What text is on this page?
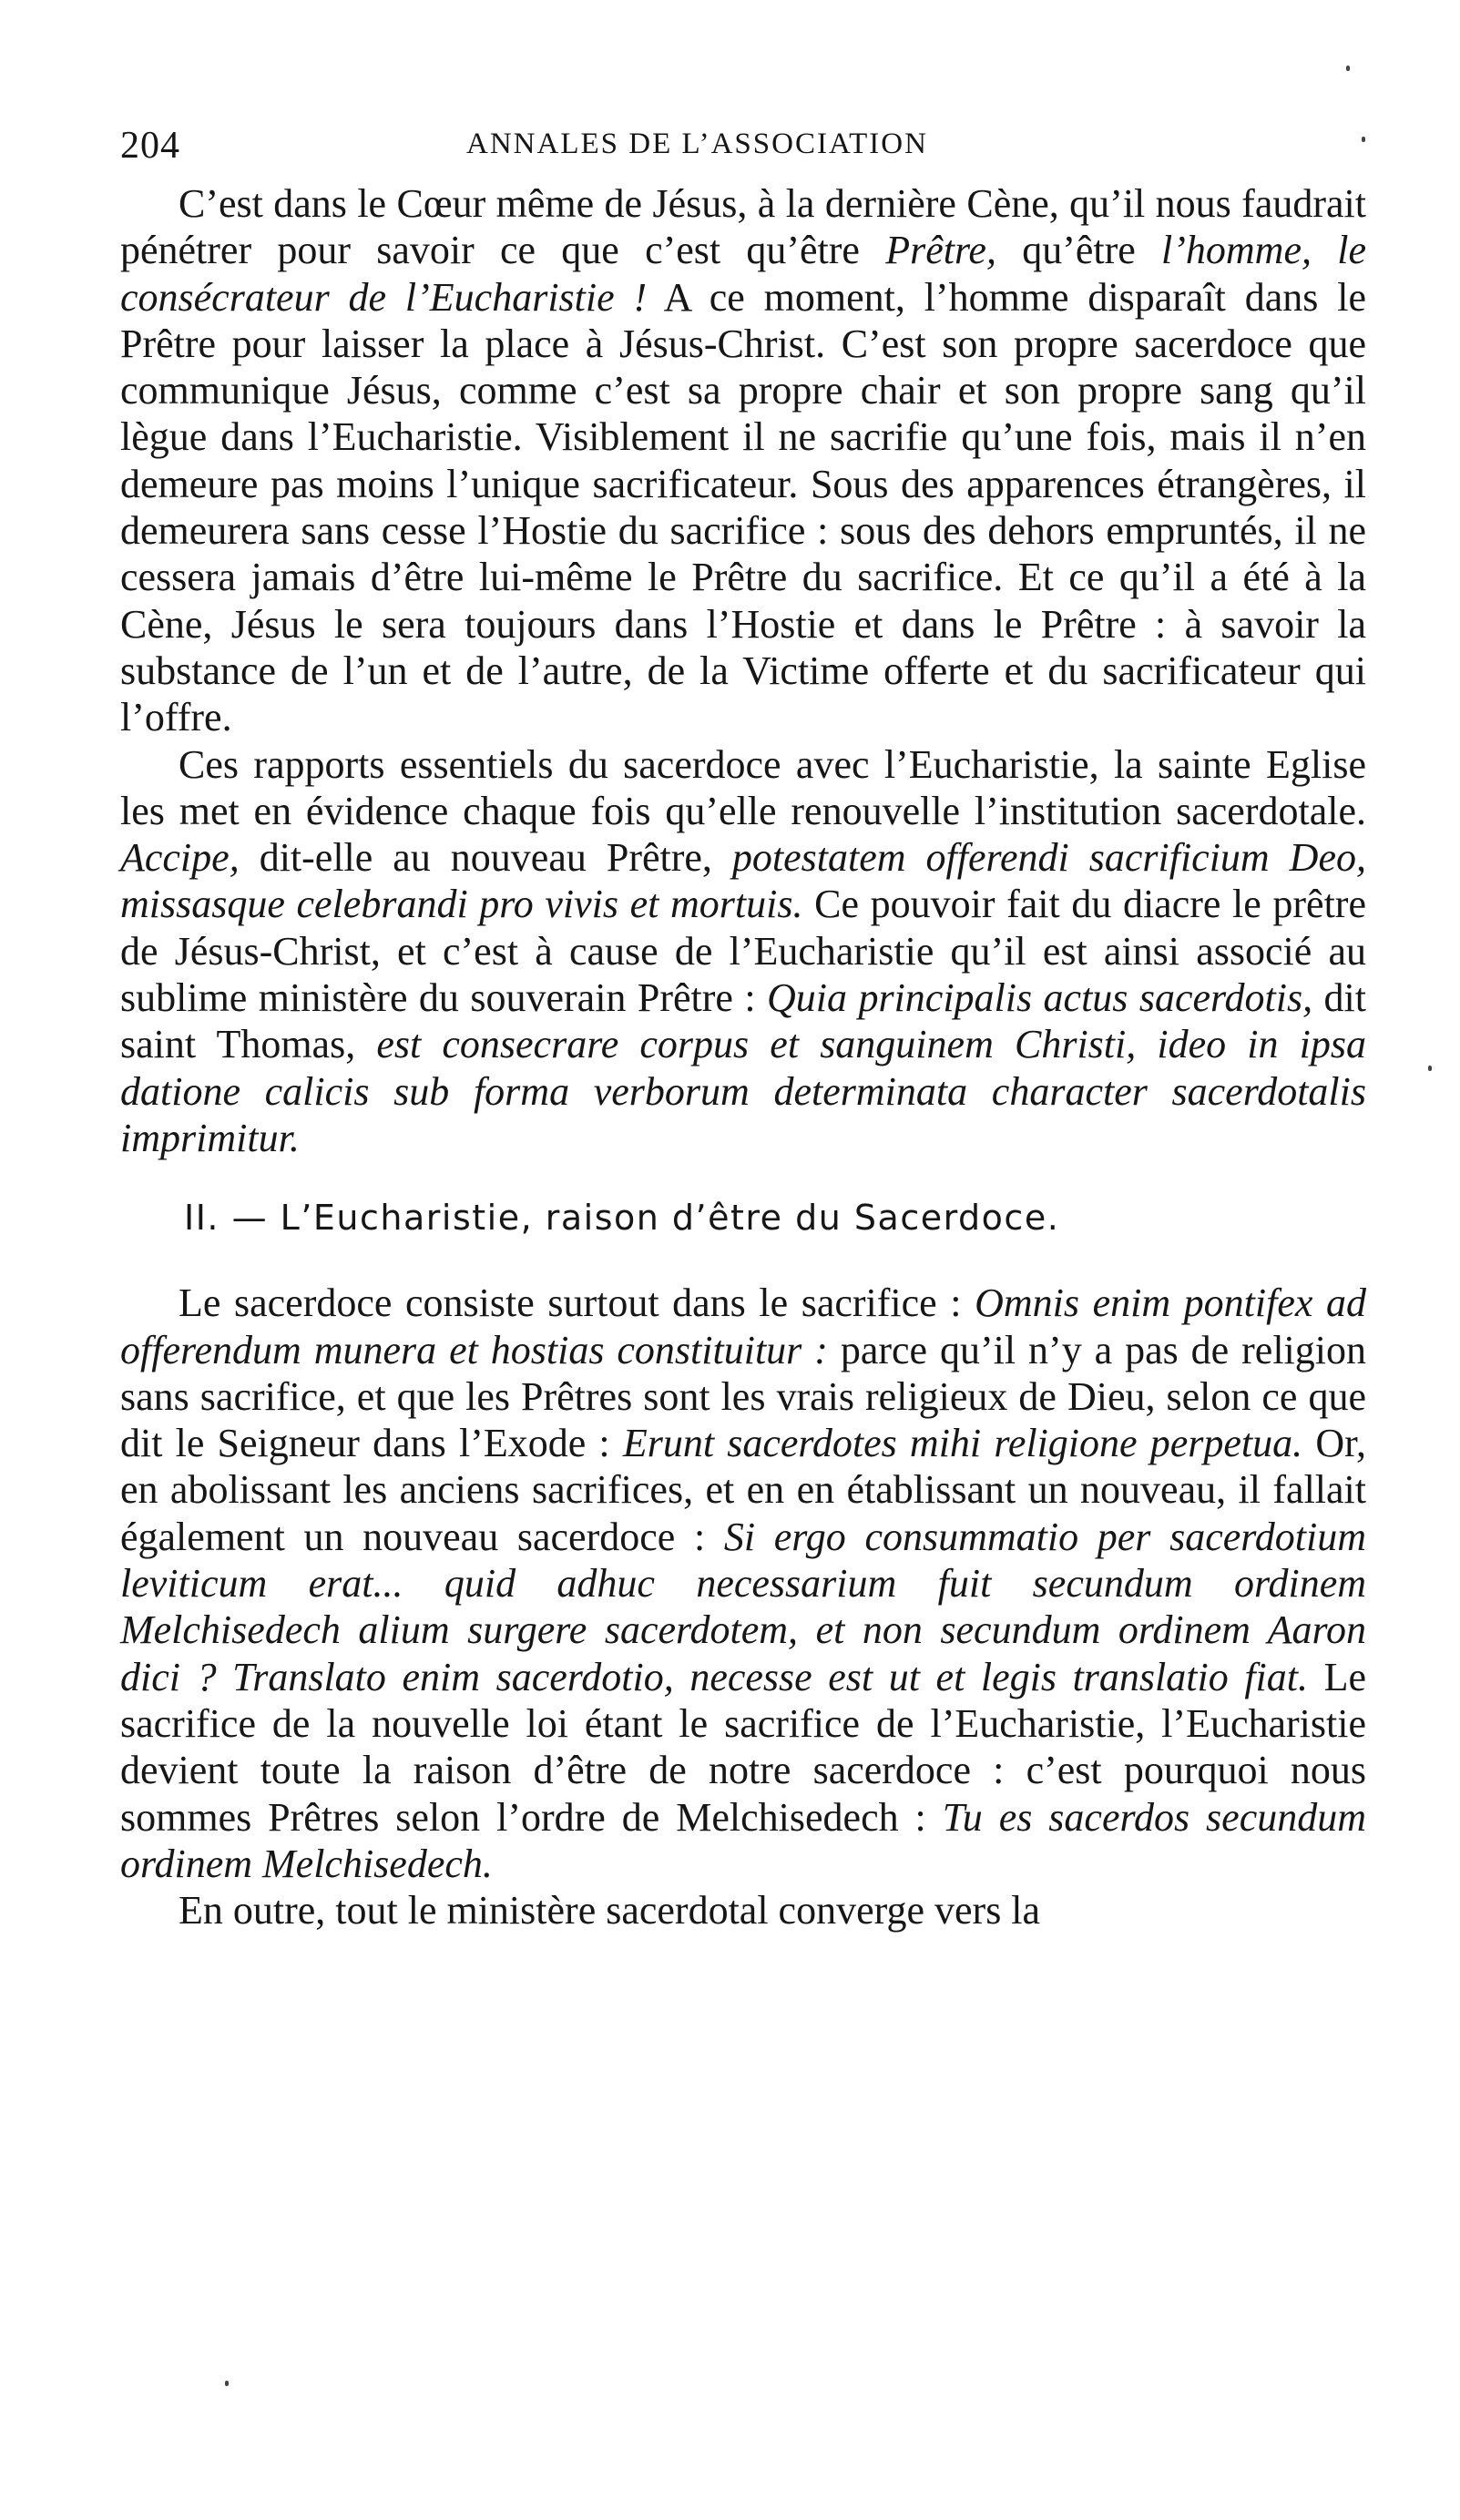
204	ANNALES DE L’ASSOCIATION

C’est dans le Cœur même de Jésus, à la dernière Cène, qu’il nous faudrait pénétrer pour savoir ce que c’est qu’être Prêtre, qu’être l’homme, le consécrateur de l’Eucharistie ! A ce moment, l’homme disparaît dans le Prêtre pour laisser la place à Jésus-Christ. C’est son propre sacerdoce que communique Jésus, comme c’est sa propre chair et son propre sang qu’il lègue dans l’Eucharistie. Visiblement il ne sacrifie qu’une fois, mais il n’en demeure pas moins l’unique sacrificateur. Sous des apparences étrangères, il demeurera sans cesse l’Hostie du sacrifice : sous des dehors empruntés, il ne cessera jamais d’être lui-même le Prêtre du sacrifice. Et ce qu’il a été à la Cène, Jésus le sera toujours dans l’Hostie et dans le Prêtre : à savoir la substance de l’un et de l’autre, de la Victime offerte et du sacrificateur qui l’offre.

Ces rapports essentiels du sacerdoce avec l’Eucharistie, la sainte Eglise les met en évidence chaque fois qu’elle renouvelle l’institution sacerdotale. Accipe, dit-elle au nouveau Prêtre, potestatem offerendi sacrificium Deo, missasque celebrandi pro vivis et mortuis. Ce pouvoir fait du diacre le prêtre de Jésus-Christ, et c’est à cause de l’Eucharistie qu’il est ainsi associé au sublime ministère du souverain Prêtre : Quia principalis actus sacerdotis, dit saint Thomas, est consecrare corpus et sanguinem Christi, ideo in ipsa datione calicis sub forma verborum determinata character sacerdotalis imprimitur.

II. — L’Eucharistie, raison d’être du Sacerdoce.

Le sacerdoce consiste surtout dans le sacrifice : Omnis enim pontifex ad offerendum munera et hostias constituitur : parce qu’il n’y a pas de religion sans sacrifice, et que les Prêtres sont les vrais religieux de Dieu, selon ce que dit le Seigneur dans l’Exode : Erunt sacerdotes mihi religione perpetua. Or, en abolissant les anciens sacrifices, et en en établissant un nouveau, il fallait également un nouveau sacerdoce : Si ergo consummatio per sacerdotium leviticum erat... quid adhuc necessarium fuit secundum ordinem Melchisedech alium surgere sacerdotem, et non secundum ordinem Aaron dici ? Translato enim sacerdotio, necesse est ut et legis translatio fiat. Le sacrifice de la nouvelle loi étant le sacrifice de l’Eucharistie, l’Eucharistie devient toute la raison d’être de notre sacerdoce : c’est pourquoi nous sommes Prêtres selon l’ordre de Melchisedech : Tu es sacerdos secundum ordinem Melchisedech.

En outre, tout le ministère sacerdotal converge vers la
